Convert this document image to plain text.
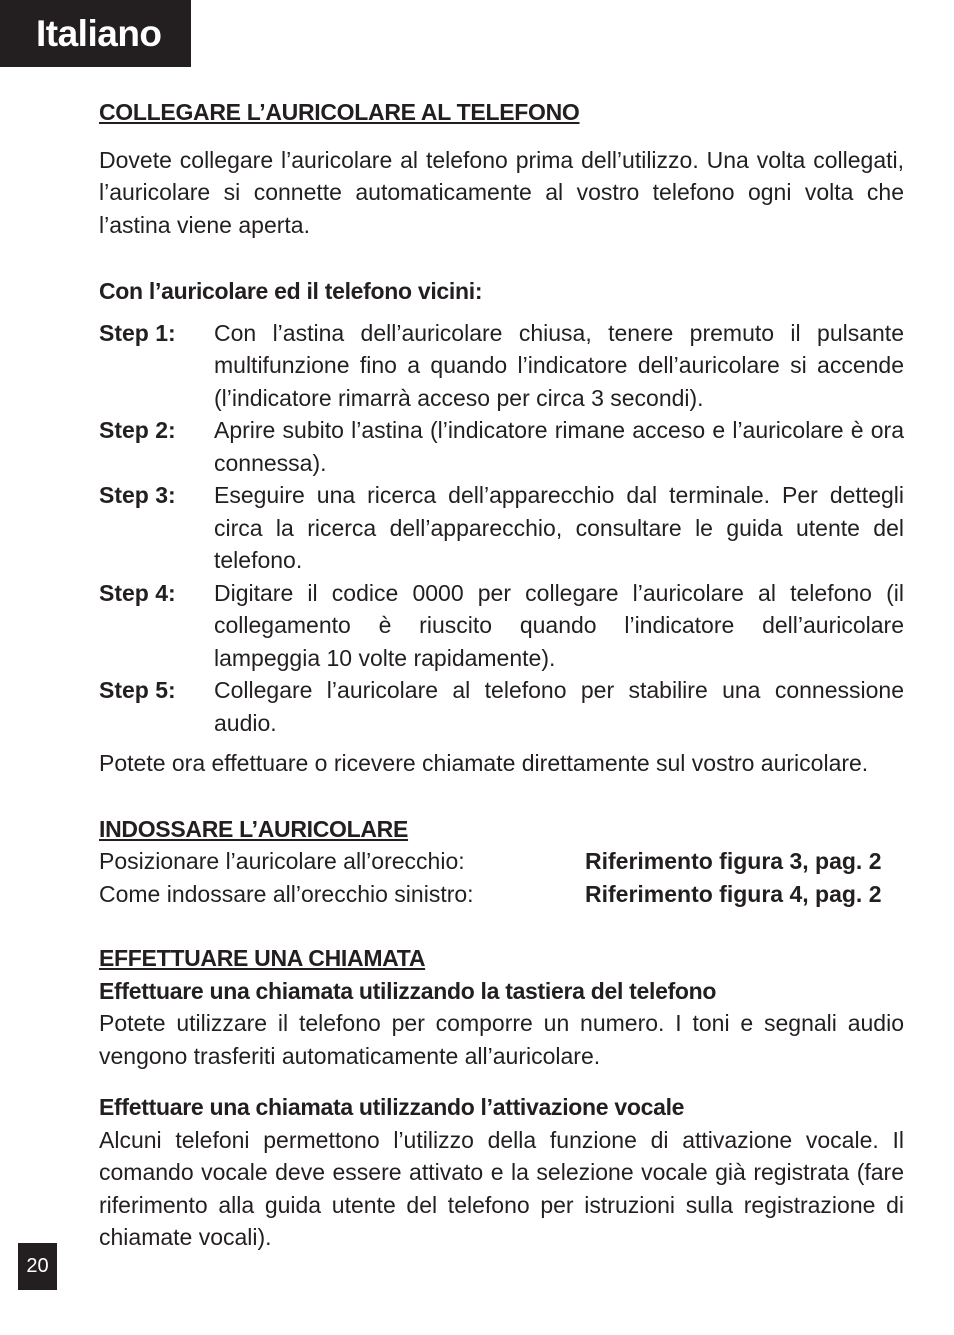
Italiano
COLLEGARE L’AURICOLARE AL TELEFONO

Dovete collegare l’auricolare al telefono prima dell’utilizzo. Una volta collegati, l’auricolare si connette automaticamente al vostro telefono ogni volta che l’astina viene aperta.

Con l’auricolare ed il telefono vicini:
Step 1:	Con l’astina dell’auricolare chiusa, tenere premuto il pulsante multifunzione fino a quando l’indicatore dell’auricolare si accende (l’indicatore rimarrà acceso per circa 3 secondi).
Step 2:	Aprire subito l’astina (l’indicatore rimane acceso e l’auricolare è ora connessa).
Step 3:	Eseguire una ricerca dell’apparecchio dal terminale. Per dettegli circa la ricerca dell’apparecchio, consultare le guida utente del telefono.
Step 4:	Digitare il codice 0000 per collegare l’auricolare al telefono (il collegamento è riuscito quando l’indicatore dell’auricolare lampeggia 10 volte rapidamente).
Step 5:	Collegare l’auricolare al telefono per stabilire una connessione audio.

Potete ora effettuare o ricevere chiamate direttamente sul vostro auricolare.

INDOSSARE L’AURICOLARE
Posizionare l’auricolare all’orecchio:	Riferimento figura 3, pag. 2
Come indossare all’orecchio sinistro:	Riferimento figura 4, pag. 2
EFFETTUARE UNA CHIAMATA
Effettuare una chiamata utilizzando la tastiera del telefono

Potete utilizzare il telefono per comporre un numero. I toni e segnali audio vengono trasferiti automaticamente all’auricolare.

Effettuare una chiamata utilizzando l’attivazione vocale

Alcuni telefoni permettono l’utilizzo della funzione di attivazione vocale. Il comando vocale deve essere attivato e la selezione vocale già registrata (fare riferimento alla guida utente del telefono per istruzioni sulla registrazione di chiamate vocali).

20
